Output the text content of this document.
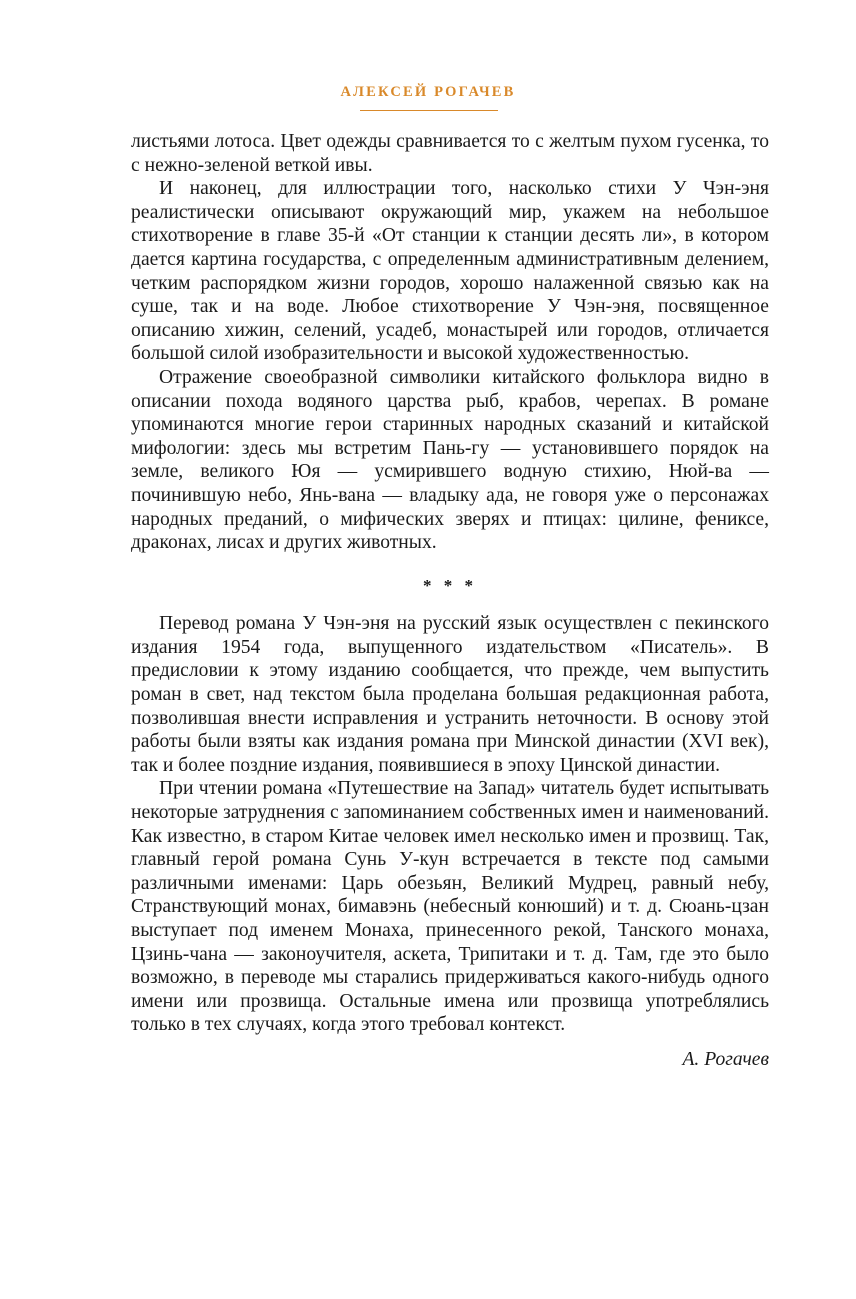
АЛЕКСЕЙ РОГАЧЕВ

листьями лотоса. Цвет одежды сравнивается то с желтым пухом гусенка, то с нежно-зеленой веткой ивы.

И наконец, для иллюстрации того, насколько стихи У Чэн-эня реалистически описывают окружающий мир, укажем на небольшое стихотворение в главе 35-й «От станции к станции десять ли», в котором дается картина государства, с определенным административным делением, четким распорядком жизни городов, хорошо налаженной связью как на суше, так и на воде. Любое стихотворение У Чэн-эня, посвященное описанию хижин, селений, усадеб, монастырей или городов, отличается большой силой изобразительности и высокой художественностью.

Отражение своеобразной символики китайского фольклора видно в описании похода водяного царства рыб, крабов, черепах. В романе упоминаются многие герои старинных народных сказаний и китайской мифологии: здесь мы встретим Пань-гу — установившего порядок на земле, великого Юя — усмирившего водную стихию, Нюй-ва — починившую небо, Янь-вана — владыку ада, не говоря уже о персонажах народных преданий, о мифических зверях и птицах: цилине, фениксе, драконах, лисах и других животных.

* * *

Перевод романа У Чэн-эня на русский язык осуществлен с пекинского издания 1954 года, выпущенного издательством «Писатель». В предисловии к этому изданию сообщается, что прежде, чем выпустить роман в свет, над текстом была проделана большая редакционная работа, позволившая внести исправления и устранить неточности. В основу этой работы были взяты как издания романа при Минской династии (XVI век), так и более поздние издания, появившиеся в эпоху Цинской династии.

При чтении романа «Путешествие на Запад» читатель будет испытывать некоторые затруднения с запоминанием собственных имен и наименований. Как известно, в старом Китае человек имел несколько имен и прозвищ. Так, главный герой романа Сунь У-кун встречается в тексте под самыми различными именами: Царь обезьян, Великий Мудрец, равный небу, Странствующий монах, бимавэнь (небесный конюший) и т. д. Сюань-цзан выступает под именем Монаха, принесенного рекой, Танского монаха, Цзинь-чана — законоучителя, аскета, Трипитаки и т. д. Там, где это было возможно, в переводе мы старались придерживаться какого-нибудь одного имени или прозвища. Остальные имена или прозвища употреблялись только в тех случаях, когда этого требовал контекст.

А. Рогачев
